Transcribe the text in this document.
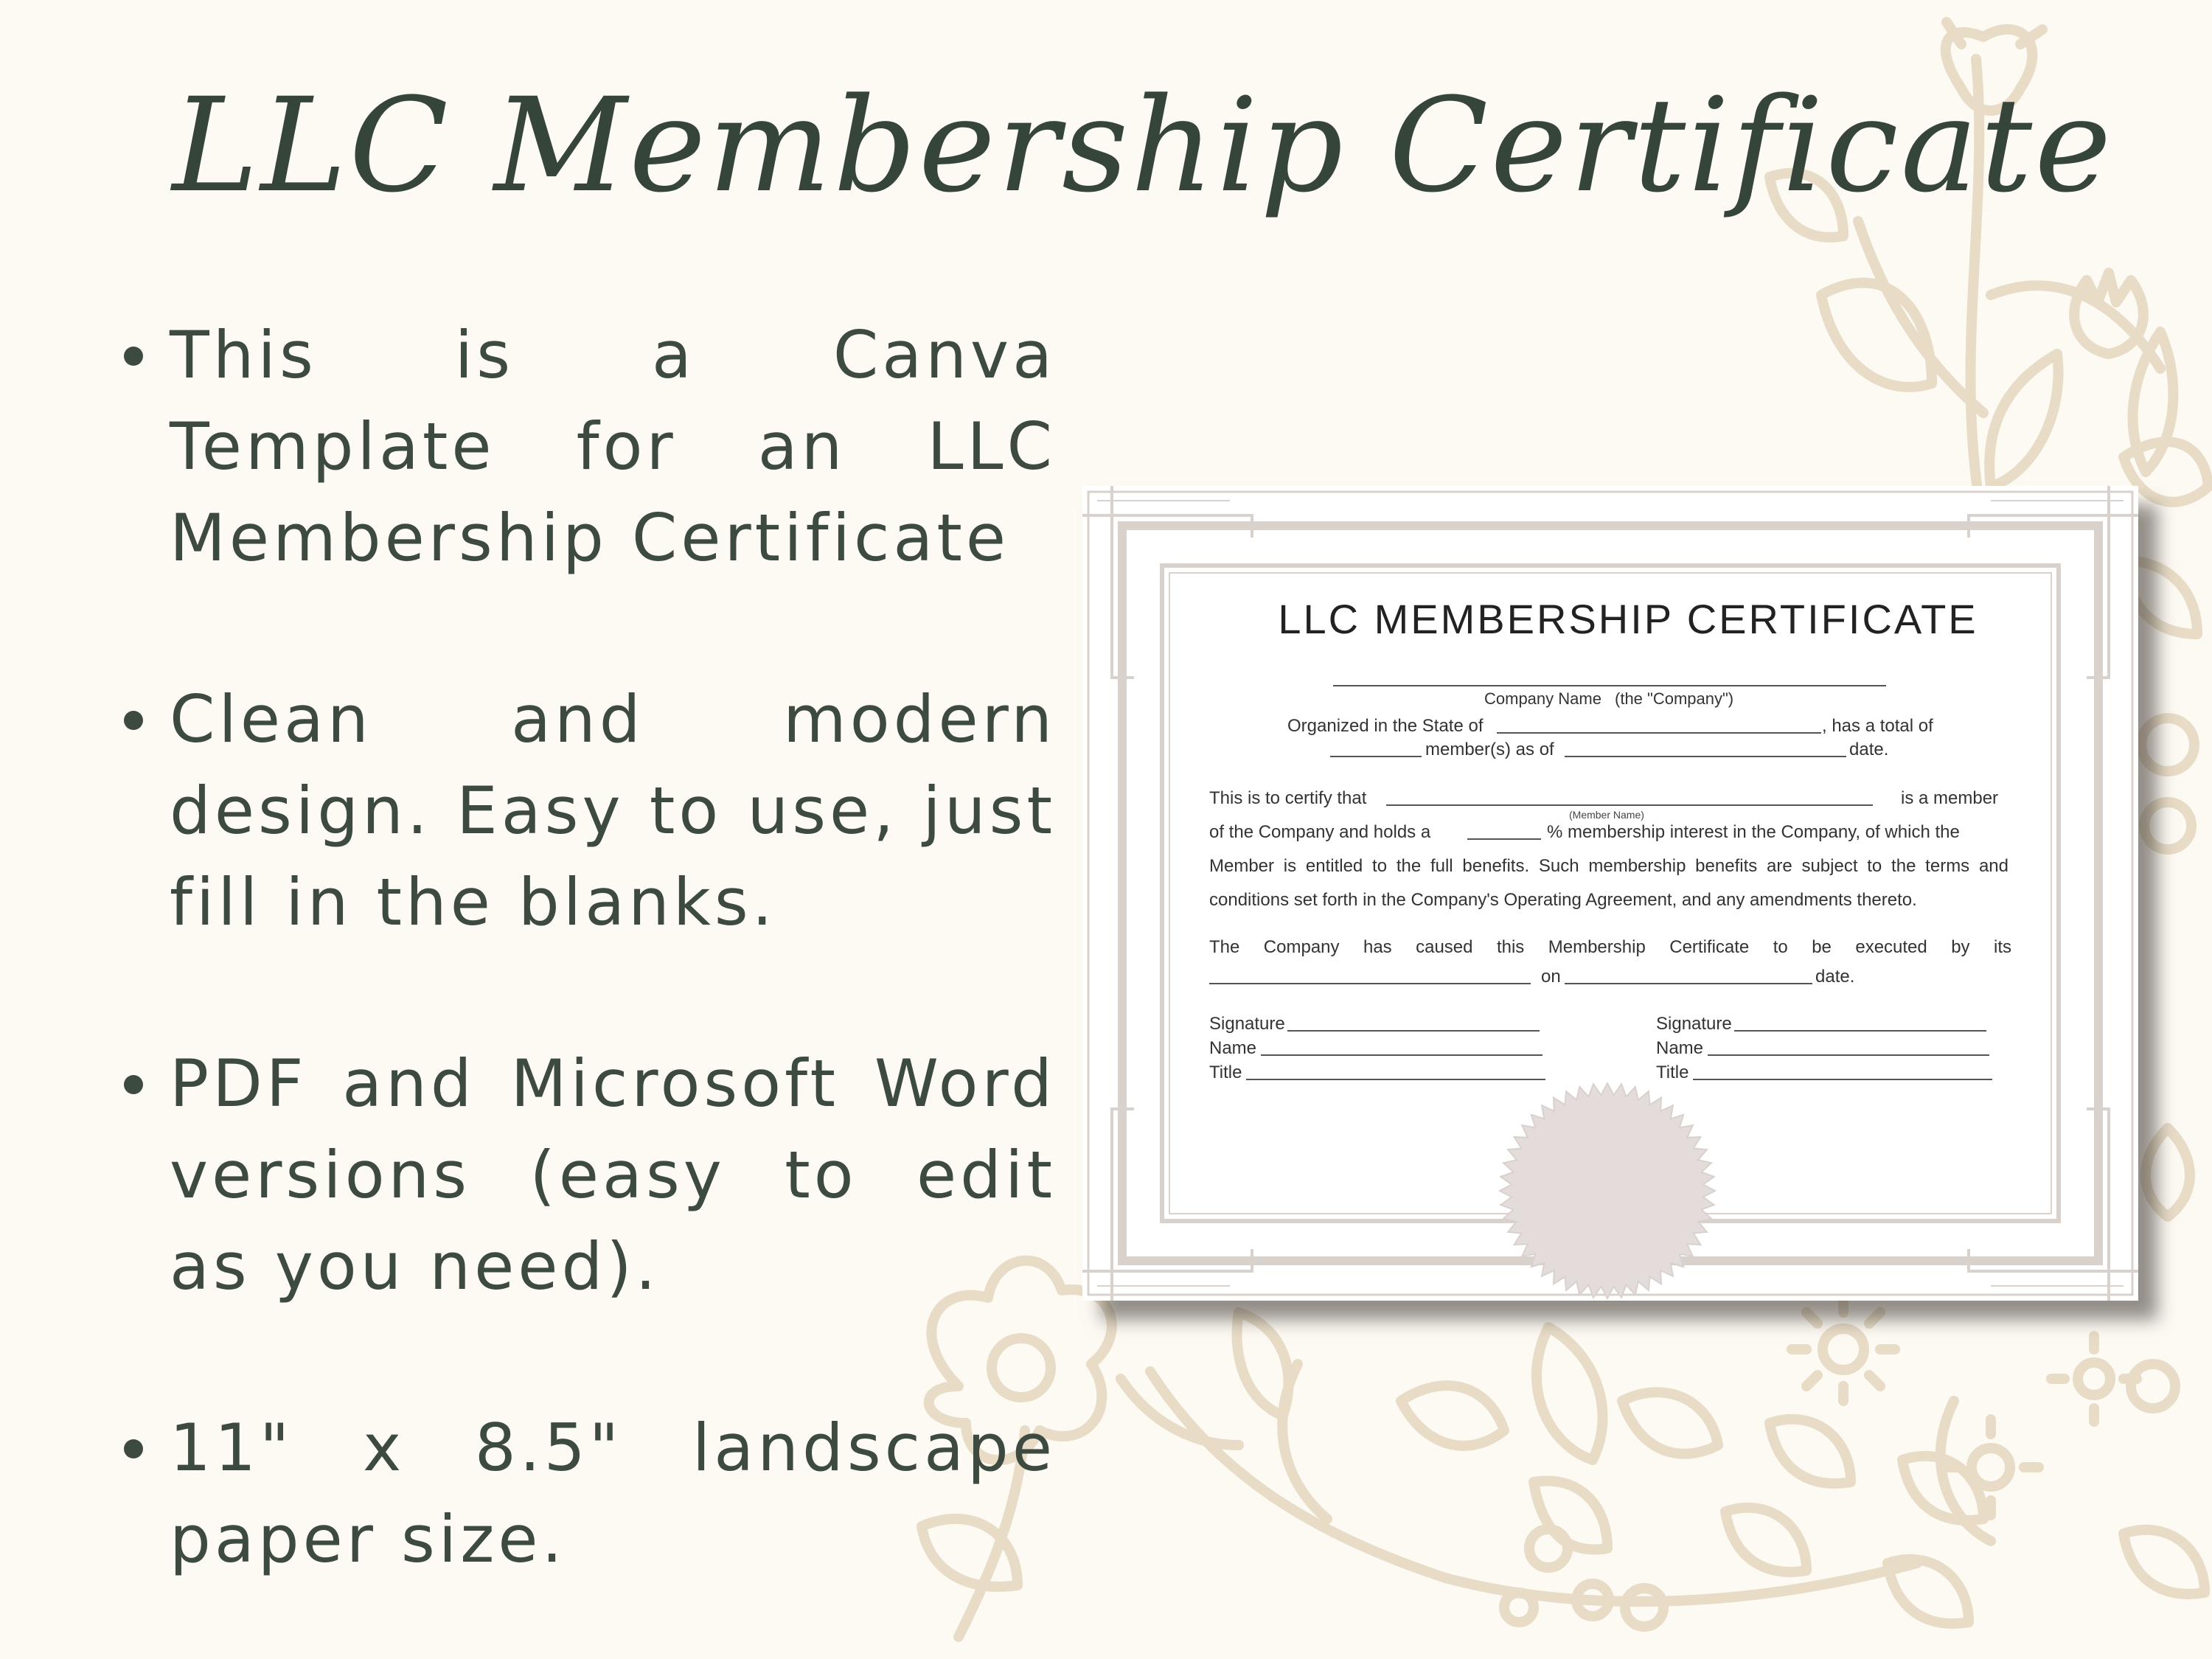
LLC Membership Certificate
This is a Canva Template for an LLC Membership Certificate
Clean and modern design. Easy to use, just fill in the blanks.
PDF and Microsoft Word versions (easy to edit as you need).
11" x 8.5" landscape paper size.
LLC MEMBERSHIP CERTIFICATE
Company Name (the "Company")
Organized in the State of	, has a total of
member(s) as of	date.
This is to certify that
(Member Name)
is a member
of the Company and holds a	% membership interest in the Company, of which the
Member is entitled to the full benefits. Such membership benefits are subject to the terms and
conditions set forth in the Company's Operating Agreement, and any amendments thereto.
The Company has caused this Membership Certificate to be executed by its
on	date.
Signature
Name
Title
Signature
Name
Title
